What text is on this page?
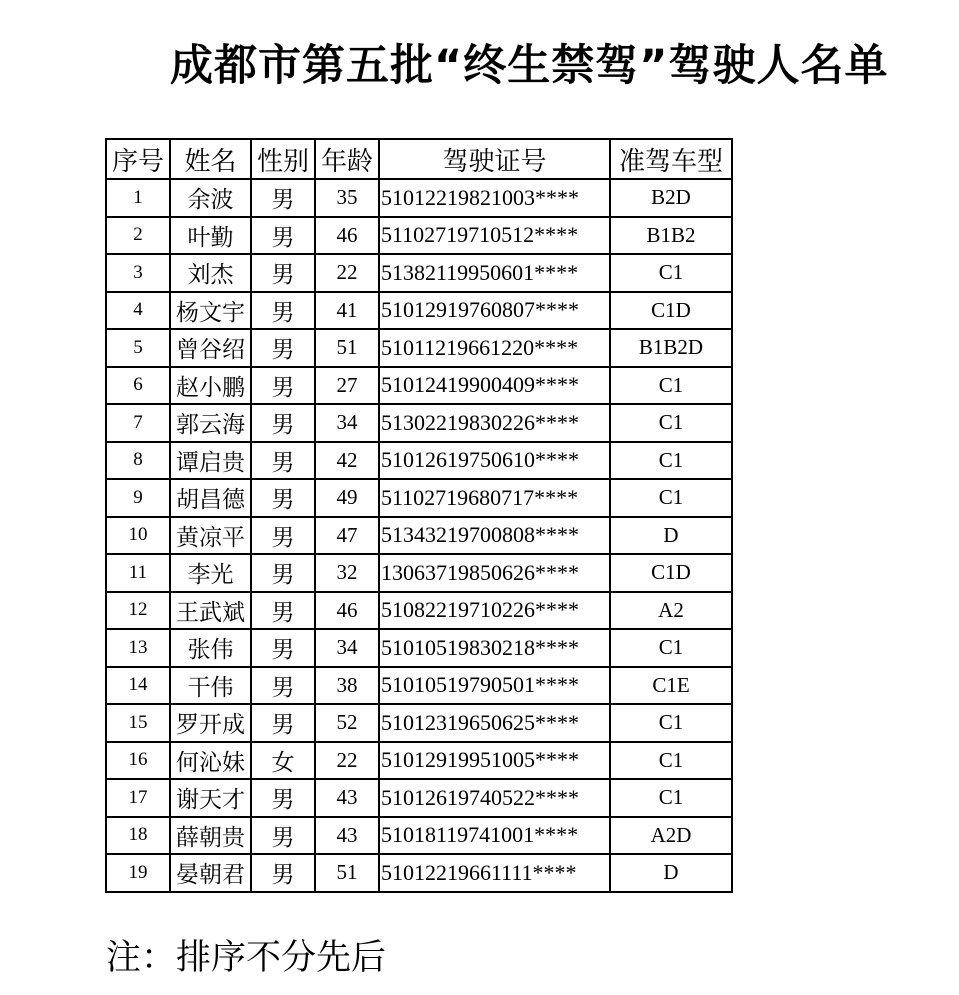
成都市第五批“终生禁驾”驾驶人名单
序号	姓名	性别	年龄	驾驶证号	准驾车型
1	余波	男	35	51012219821003****	B2D
2	叶勤	男	46	51102719710512****	B1B2
3	刘杰	男	22	51382119950601****	C1
4	杨文宇	男	41	51012919760807****	C1D
5	曾谷绍	男	51	51011219661220****	B1B2D
6	赵小鹏	男	27	51012419900409****	C1
7	郭云海	男	34	51302219830226****	C1
8	谭启贵	男	42	51012619750610****	C1
9	胡昌德	男	49	51102719680717****	C1
10	黄凉平	男	47	51343219700808****	D
11	李光	男	32	13063719850626****	C1D
12	王武斌	男	46	51082219710226****	A2
13	张伟	男	34	51010519830218****	C1
14	干伟	男	38	51010519790501****	C1E
15	罗开成	男	52	51012319650625****	C1
16	何沁妹	女	22	51012919951005****	C1
17	谢天才	男	43	51012619740522****	C1
18	薛朝贵	男	43	51018119741001****	A2D
19	晏朝君	男	51	51012219661111****	D
注：排序不分先后
